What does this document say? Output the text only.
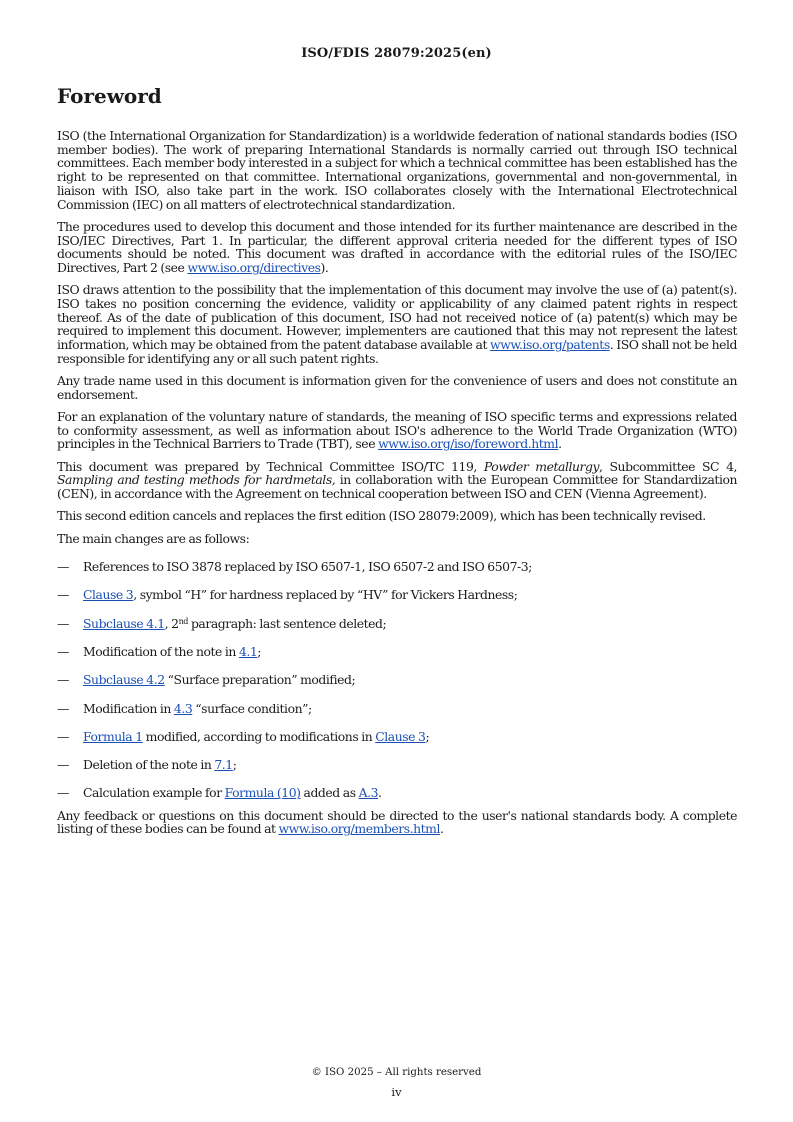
ISO/FDIS 28079:2025(en)
Foreword

ISO (the International Organization for Standardization) is a worldwide federation of national standards bodies (ISO member bodies). The work of preparing International Standards is normally carried out through ISO technical committees. Each member body interested in a subject for which a technical committee has been established has the right to be represented on that committee. International organizations, governmental and non-governmental, in liaison with ISO, also take part in the work. ISO collaborates closely with the International Electrotechnical Commission (IEC) on all matters of electrotechnical standardization.

The procedures used to develop this document and those intended for its further maintenance are described in the ISO/IEC Directives, Part 1. In particular, the different approval criteria needed for the different types of ISO documents should be noted. This document was drafted in accordance with the editorial rules of the ISO/IEC Directives, Part 2 (see www.iso.org/directives).

ISO draws attention to the possibility that the implementation of this document may involve the use of (a) patent(s). ISO takes no position concerning the evidence, validity or applicability of any claimed patent rights in respect thereof. As of the date of publication of this document, ISO had not received notice of (a) patent(s) which may be required to implement this document. However, implementers are cautioned that this may not represent the latest information, which may be obtained from the patent database available at www.iso.org/patents. ISO shall not be held responsible for identifying any or all such patent rights.

Any trade name used in this document is information given for the convenience of users and does not constitute an endorsement.

For an explanation of the voluntary nature of standards, the meaning of ISO specific terms and expressions related to conformity assessment, as well as information about ISO's adherence to the World Trade Organization (WTO) principles in the Technical Barriers to Trade (TBT), see www.iso.org/iso/foreword.html.

This document was prepared by Technical Committee ISO/TC 119, Powder metallurgy, Subcommittee SC 4, Sampling and testing methods for hardmetals, in collaboration with the European Committee for Standardization (CEN), in accordance with the Agreement on technical cooperation between ISO and CEN (Vienna Agreement).

This second edition cancels and replaces the first edition (ISO 28079:2009), which has been technically revised.

The main changes are as follows:

—	References to ISO 3878 replaced by ISO 6507-1, ISO 6507-2 and ISO 6507-3;
—	Clause 3, symbol “H” for hardness replaced by “HV” for Vickers Hardness;
—	Subclause 4.1, 2nd paragraph: last sentence deleted;
—	Modification of the note in 4.1;
—	Subclause 4.2 “Surface preparation” modified;
—	Modification in 4.3 “surface condition”;
—	Formula 1 modified, according to modifications in Clause 3;
—	Deletion of the note in 7.1;
—	Calculation example for Formula (10) added as A.3.

Any feedback or questions on this document should be directed to the user's national standards body. A complete listing of these bodies can be found at www.iso.org/members.html.

© ISO 2025 – All rights reserved
iv
